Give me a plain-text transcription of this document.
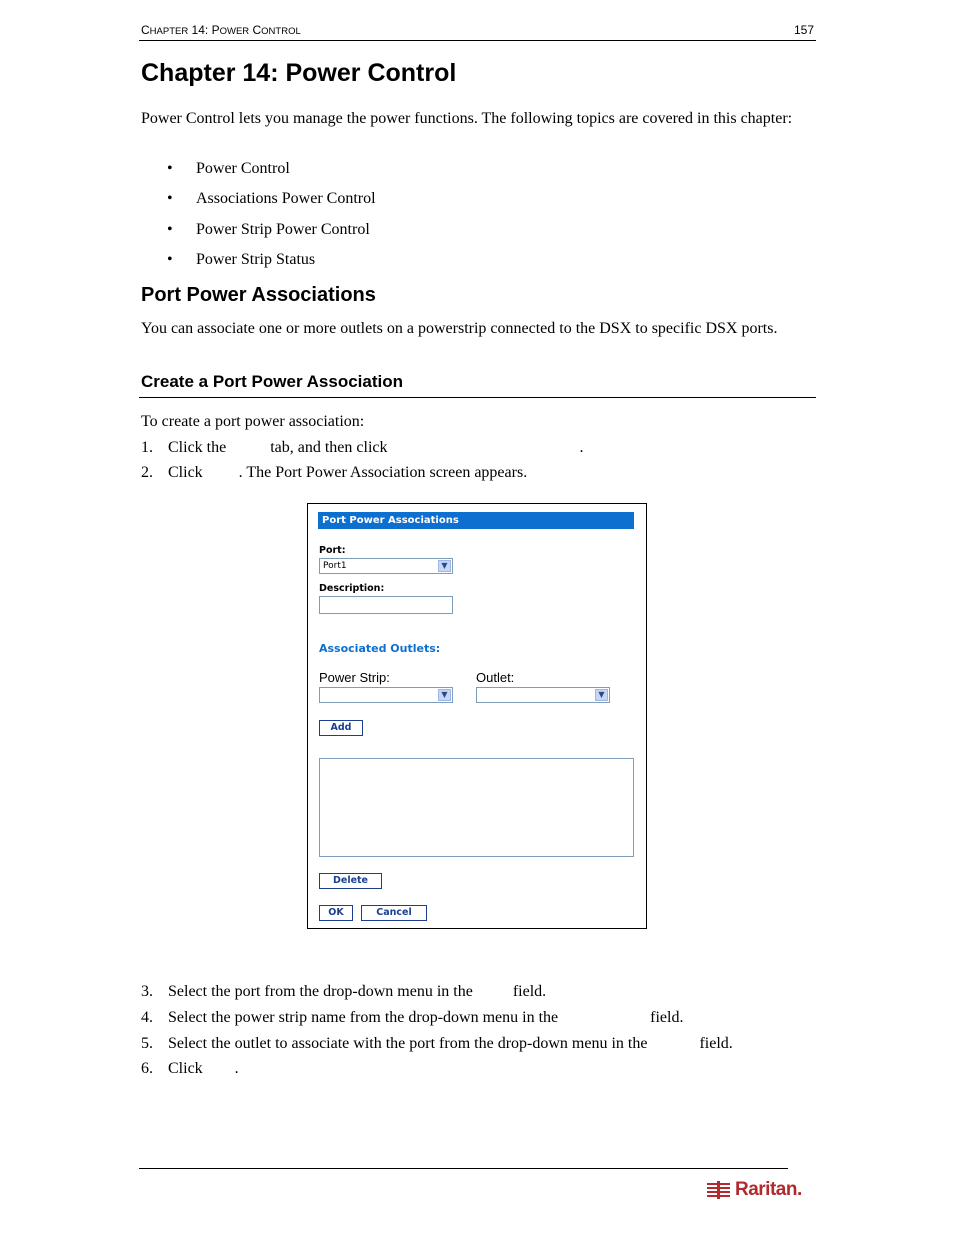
CHAPTER 14: POWER CONTROL	157
Chapter 14: Power Control
Power Control lets you manage the power functions. The following topics are covered in this chapter:
• Power Control
• Associations Power Control
• Power Strip Power Control
• Power Strip Status
Port Power Associations
You can associate one or more outlets on a powerstrip connected to the DSX to specific DSX ports.
Create a Port Power Association
To create a port power association:
1. Click the           tab, and then click                                                .
2. Click         . The Port Power Association screen appears.
Port Power Associations
Port:
Port1	▼
Description:
Associated Outlets:
Power Strip:	Outlet:
▼	▼
Add
Delete
OK	Cancel
3. Select the port from the drop-down menu in the          field.
4. Select the power strip name from the drop-down menu in the                       field.
5. Select the outlet to associate with the port from the drop-down menu in the             field.
6. Click        .
Raritan.
